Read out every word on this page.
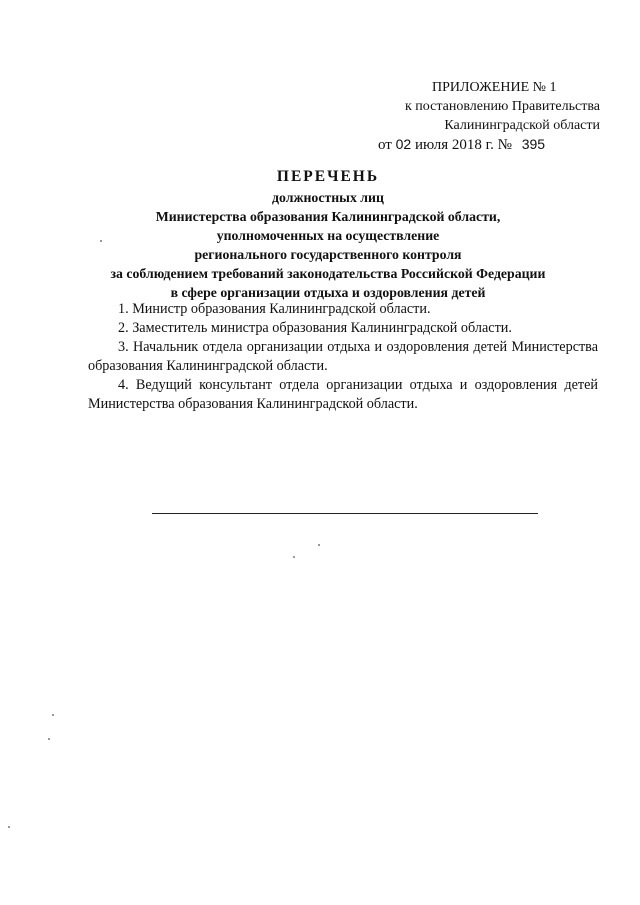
ПРИЛОЖЕНИЕ № 1
к постановлению Правительства
Калининградской области
от 02 июля 2018 г. № 395
ПЕРЕЧЕНЬ
должностных лиц
Министерства образования Калининградской области,
уполномоченных на осуществление
регионального государственного контроля
за соблюдением требований законодательства Российской Федерации
в сфере организации отдыха и оздоровления детей
1. Министр образования Калининградской области.
2. Заместитель министра образования Калининградской области.
3. Начальник отдела организации отдыха и оздоровления детей Министерства образования Калининградской области.
4. Ведущий консультант отдела организации отдыха и оздоровления детей Министерства образования Калининградской области.
